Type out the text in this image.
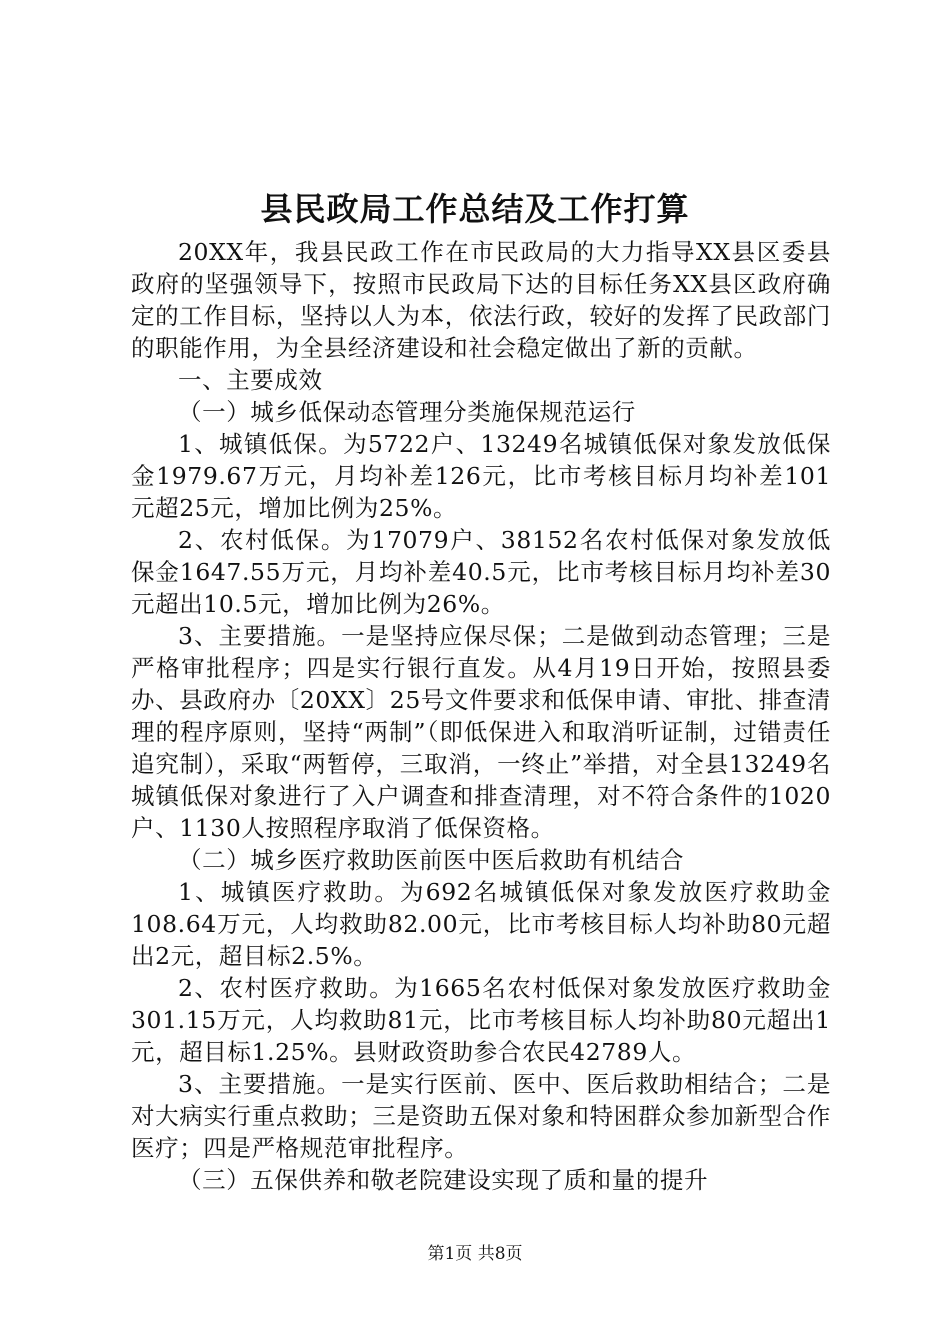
县民政局工作总结及工作打算

20XX年，我县民政工作在市民政局的大力指导XX县区委县政府的坚强领导下，按照市民政局下达的目标任务XX县区政府确定的工作目标，坚持以人为本，依法行政，较好的发挥了民政部门的职能作用，为全县经济建设和社会稳定做出了新的贡献。

一、主要成效

（一）城乡低保动态管理分类施保规范运行

1、城镇低保。为5722户、13249名城镇低保对象发放低保金1979.67万元，月均补差126元，比市考核目标月均补差101元超25元，增加比例为25%。

2、农村低保。为17079户、38152名农村低保对象发放低保金1647.55万元，月均补差40.5元，比市考核目标月均补差30元超出10.5元，增加比例为26%。

3、主要措施。一是坚持应保尽保；二是做到动态管理；三是严格审批程序；四是实行银行直发。从4月19日开始，按照县委办、县政府办〔20XX〕25号文件要求和低保申请、审批、排查清理的程序原则，坚持“两制”（即低保进入和取消听证制，过错责任追究制），采取“两暂停，三取消，一终止”举措，对全县13249名城镇低保对象进行了入户调查和排查清理，对不符合条件的1020户、1130人按照程序取消了低保资格。

（二）城乡医疗救助医前医中医后救助有机结合

1、城镇医疗救助。为692名城镇低保对象发放医疗救助金108.64万元，人均救助82.00元，比市考核目标人均补助80元超出2元，超目标2.5%。

2、农村医疗救助。为1665名农村低保对象发放医疗救助金301.15万元，人均救助81元，比市考核目标人均补助80元超出1元，超目标1.25%。县财政资助参合农民42789人。

3、主要措施。一是实行医前、医中、医后救助相结合；二是对大病实行重点救助；三是资助五保对象和特困群众参加新型合作医疗；四是严格规范审批程序。

（三）五保供养和敬老院建设实现了质和量的提升

第1页 共8页
